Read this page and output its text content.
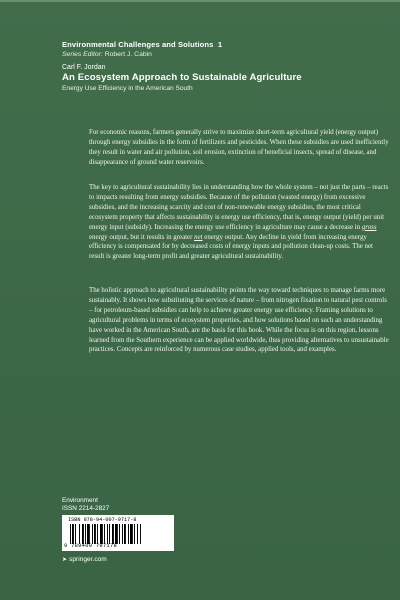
Environmental Challenges and Solutions 1
Series Editor: Robert J. Cabin
Carl F. Jordan
An Ecosystem Approach to Sustainable Agriculture
Energy Use Efficiency in the American South

For economic reasons, farmers generally strive to maximize short-term agricultural yield (energy output) through energy subsidies in the form of fertilizers and pesticides. When these subsidies are used inefficiently they result in water and air pollution, soil erosion, extinction of beneficial insects, spread of disease, and disappearance of ground water reservoirs.

The key to agricultural sustainability lies in understanding how the whole system – not just the parts – reacts to impacts resulting from energy subsidies. Because of the pollution (wasted energy) from excessive subsidies, and the increasing scarcity and cost of non-renewable energy subsidies, the most critical ecosystem property that affects sustainability is energy use efficiency, that is, energy output (yield) per unit energy input (subsidy). Increasing the energy use efficiency in agriculture may cause a decrease in gross energy output, but it results in greater net energy output. Any decline in yield from increasing energy efficiency is compensated for by decreased costs of energy inputs and pollution clean-up costs. The net result is greater long-term profit and greater agricultural sustainability.

The holistic approach to agricultural sustainability points the way toward techniques to manage farms more sustainably. It shows how substituting the services of nature – from nitrogen fixation to natural pest controls – for petroleum-based subsidies can help to achieve greater energy use efficiency. Framing solutions to agricultural problems in terms of ecosystem properties, and how solutions based on such an understanding have worked in the American South, are the basis for this book. While the focus is on this region, lessons learned from the Southern experience can be applied worldwide, thus providing alternatives to unsustainable practices. Concepts are reinforced by numerous case studies, applied tools, and examples.

Environment
ISSN 2214-2827
ISBN 978-94-007-9717-8
9 789400 797178
➤ springer.com
